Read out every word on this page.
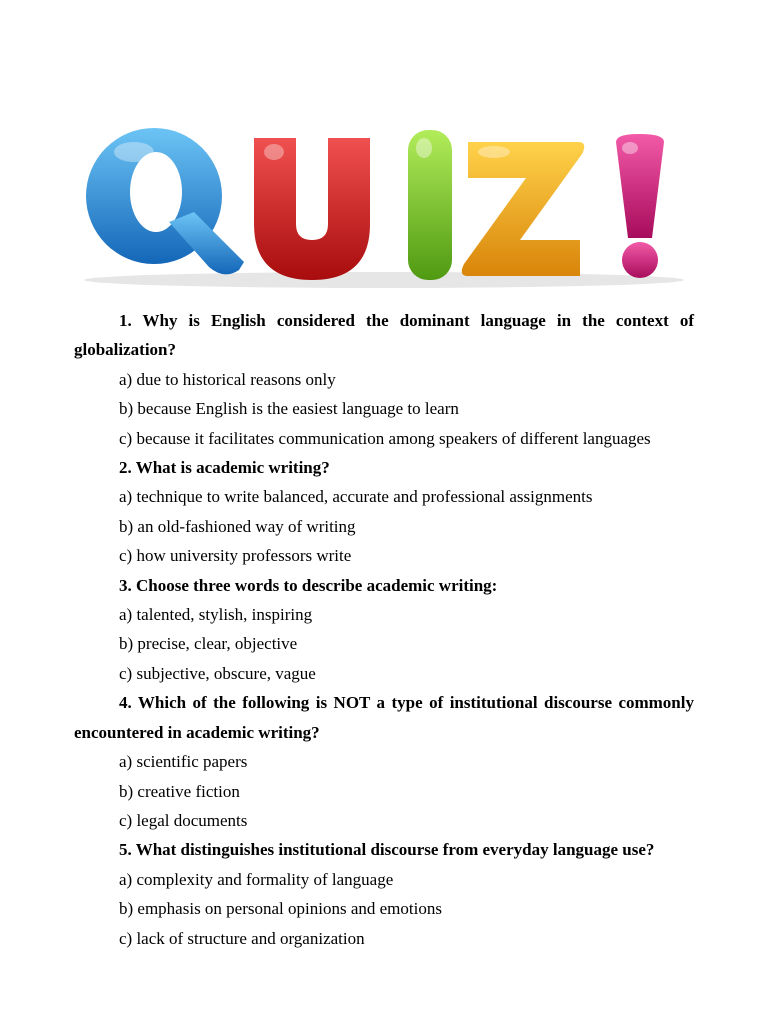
1. Why is English considered the dominant language in the context of globalization?

a) due to historical reasons only

b) because English is the easiest language to learn

c) because it facilitates communication among speakers of different languages

2. What is academic writing?

a) technique to write balanced, accurate and professional assignments

b) an old-fashioned way of writing

c) how university professors write

3. Choose three words to describe academic writing:

a) talented, stylish, inspiring

b) precise, clear, objective

c) subjective, obscure, vague

4. Which of the following is NOT a type of institutional discourse commonly encountered in academic writing?

a) scientific papers

b) creative fiction

c) legal documents

5. What distinguishes institutional discourse from everyday language use?

a) complexity and formality of language

b) emphasis on personal opinions and emotions

c) lack of structure and organization
